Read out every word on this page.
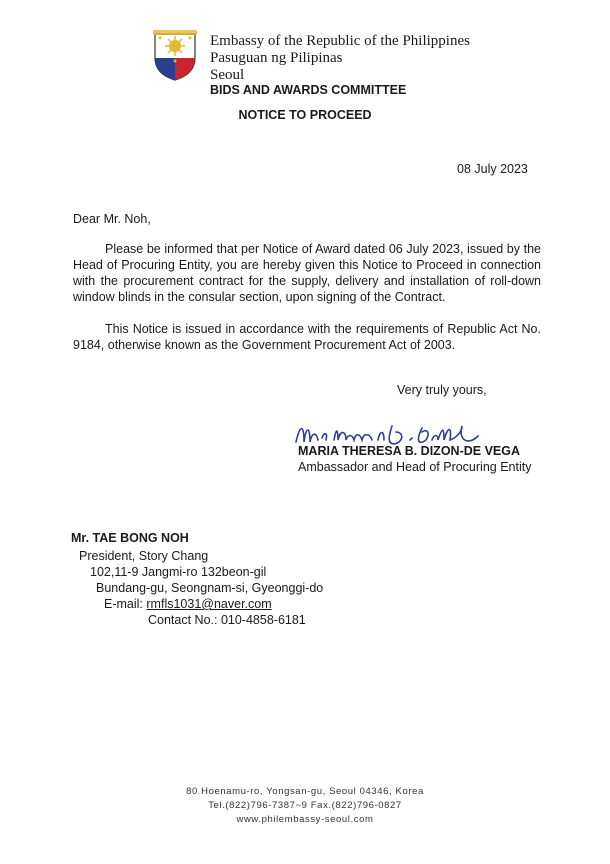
Embassy of the Republic of the Philippines
Pasuguan ng Pilipinas
Seoul
BIDS AND AWARDS COMMITTEE
NOTICE TO PROCEED
08 July 2023
Dear Mr. Noh,
Please be informed that per Notice of Award dated 06 July 2023, issued by the Head of Procuring Entity, you are hereby given this Notice to Proceed in connection with the procurement contract for the supply, delivery and installation of roll-down window blinds in the consular section, upon signing of the Contract.
This Notice is issued in accordance with the requirements of Republic Act No. 9184, otherwise known as the Government Procurement Act of 2003.
Very truly yours,
MARIA THERESA B. DIZON-DE VEGA
Ambassador and Head of Procuring Entity
Mr. TAE BONG NOH
President, Story Chang
102,11-9 Jangmi-ro 132beon-gil
Bundang-gu, Seongnam-si, Gyeonggi-do
E-mail: rmfls1031@naver.com
Contact No.: 010-4858-6181
80 Hoenamu-ro, Yongsan-gu, Seoul 04346, Korea
Tel.(822)796-7387~9 Fax.(822)796-0827
www.philembassy-seoul.com
